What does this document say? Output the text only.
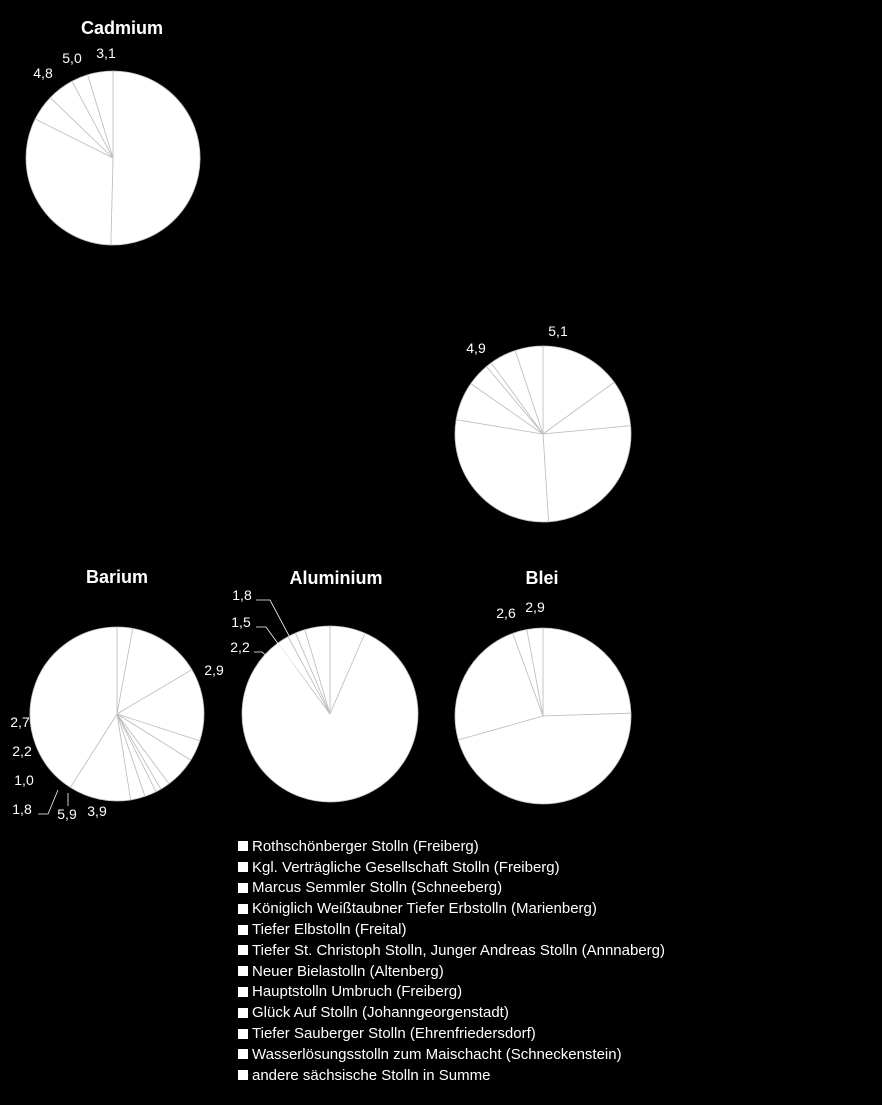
Cadmium
4,8
5,0 3,1
4,9
5,1
Barium
2,9
3,9
5,9
1,8
1,0
2,2
2,7
Aluminium
2,2
1,5
1,8
Blei
2,6 2,9
Rothschönberger Stolln (Freiberg)
Kgl. Verträgliche Gesellschaft Stolln (Freiberg)
Marcus Semmler Stolln (Schneeberg)
Königlich Weißtaubner Tiefer Erbstolln (Marienberg)
Tiefer Elbstolln (Freital)
Tiefer St. Christoph Stolln, Junger Andreas Stolln (Annnaberg)
Neuer Bielastolln (Altenberg)
Hauptstolln Umbruch (Freiberg)
Glück Auf Stolln (Johanngeorgenstadt)
Tiefer Sauberger Stolln (Ehrenfriedersdorf)
Wasserlösungsstolln zum Maischacht (Schneckenstein)
andere sächsische Stolln in Summe
